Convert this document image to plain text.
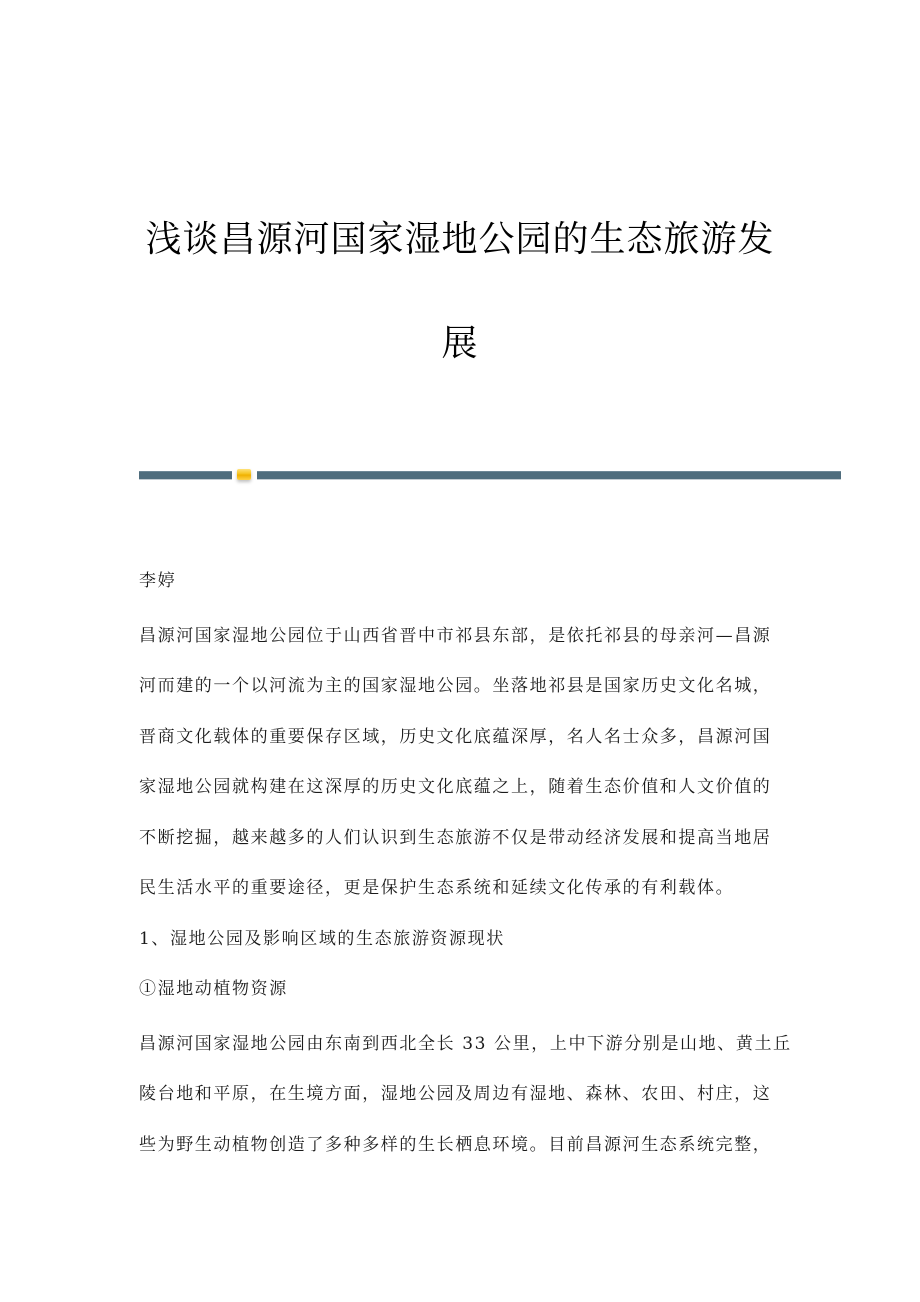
浅谈昌源河国家湿地公园的生态旅游发
展
李婷
昌源河国家湿地公园位于山西省晋中市祁县东部，是依托祁县的母亲河—昌源
河而建的一个以河流为主的国家湿地公园。坐落地祁县是国家历史文化名城，
晋商文化载体的重要保存区域，历史文化底蕴深厚，名人名士众多，昌源河国
家湿地公园就构建在这深厚的历史文化底蕴之上，随着生态价值和人文价值的
不断挖掘，越来越多的人们认识到生态旅游不仅是带动经济发展和提高当地居
民生活水平的重要途径，更是保护生态系统和延续文化传承的有利载体。
1、湿地公园及影响区域的生态旅游资源现状
①湿地动植物资源
昌源河国家湿地公园由东南到西北全长 33 公里，上中下游分别是山地、黄土丘
陵台地和平原，在生境方面，湿地公园及周边有湿地、森林、农田、村庄，这
些为野生动植物创造了多种多样的生长栖息环境。目前昌源河生态系统完整，
